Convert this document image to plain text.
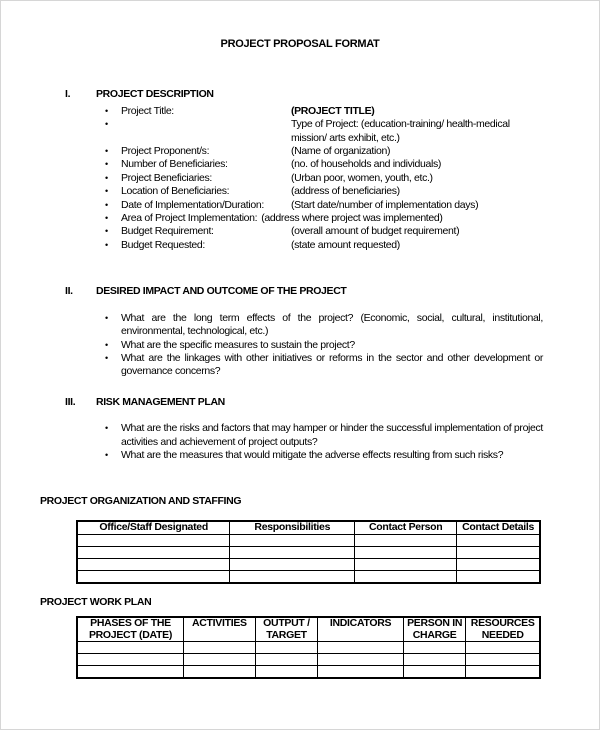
PROJECT PROPOSAL FORMAT
I.	PROJECT DESCRIPTION
•	Project Title:	(PROJECT TITLE)
•	Type of Project: (education-training/ health-medical mission/ arts exhibit, etc.)
•	Project Proponent/s:	(Name of organization)
•	Number of Beneficiaries:	(no. of households and individuals)
•	Project Beneficiaries:	(Urban poor, women, youth, etc.)
•	Location of Beneficiaries:	(address of beneficiaries)
•	Date of Implementation/Duration:	(Start date/number of implementation days)
•	Area of Project Implementation: (address where project was implemented)
•	Budget Requirement:	(overall amount of budget requirement)
•	Budget Requested:	(state amount requested)
II.	DESIRED IMPACT AND OUTCOME OF THE PROJECT
•	What are the long term effects of the project? (Economic, social, cultural, institutional, environmental, technological, etc.)
•	What are the specific measures to sustain the project?
•	What are the linkages with other initiatives or reforms in the sector and other development or governance concerns?
III.	RISK MANAGEMENT PLAN
•	What are the risks and factors that may hamper or hinder the successful implementation of project activities and achievement of project outputs?
•	What are the measures that would mitigate the adverse effects resulting from such risks?
PROJECT ORGANIZATION AND STAFFING
Office/Staff Designated	Responsibilities	Contact Person	Contact Details

PROJECT WORK PLAN
PHASES OF THE PROJECT (DATE)	ACTIVITIES	OUTPUT / TARGET	INDICATORS	PERSON IN CHARGE	RESOURCES NEEDED
